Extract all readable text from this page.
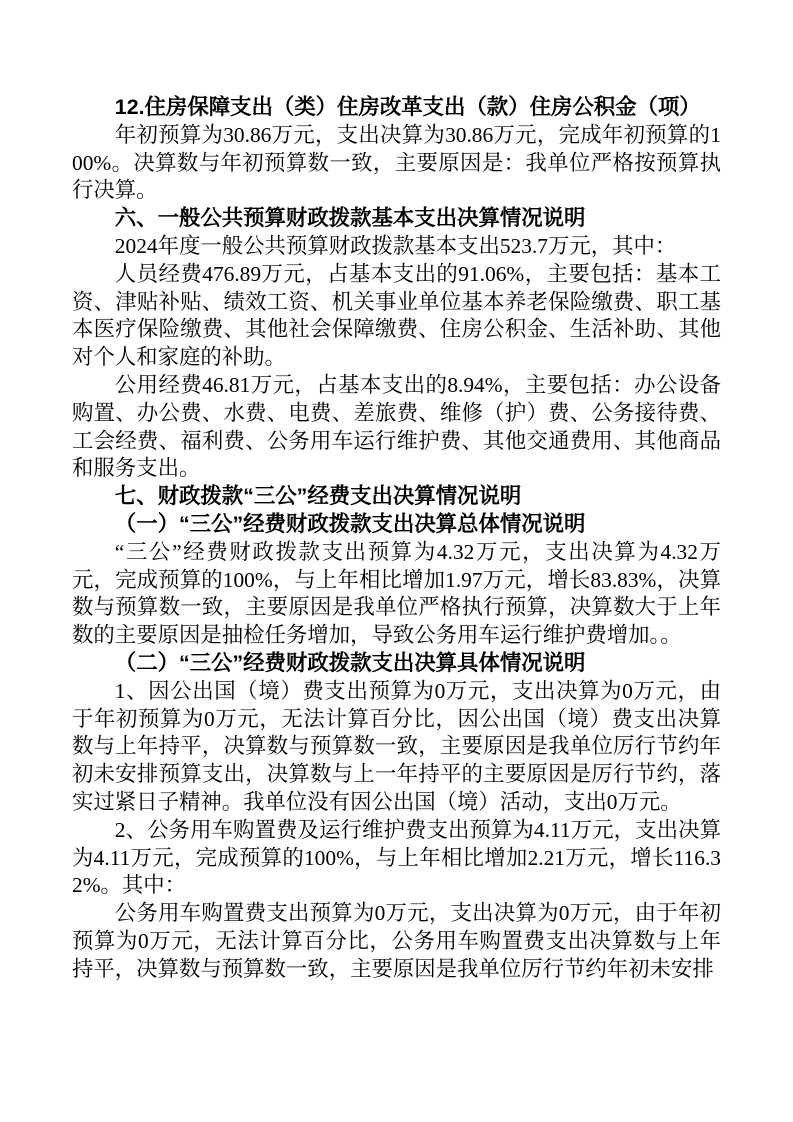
12.住房保障支出（类）住房改革支出（款）住房公积金（项）

年初预算为30.86万元，支出决算为30.86万元，完成年初预算的100%。决算数与年初预算数一致，主要原因是：我单位严格按预算执行决算。

六、一般公共预算财政拨款基本支出决算情况说明

2024年度一般公共预算财政拨款基本支出523.7万元，其中：

人员经费476.89万元，占基本支出的91.06%，主要包括：基本工资、津贴补贴、绩效工资、机关事业单位基本养老保险缴费、职工基本医疗保险缴费、其他社会保障缴费、住房公积金、生活补助、其他对个人和家庭的补助。

公用经费46.81万元，占基本支出的8.94%，主要包括：办公设备购置、办公费、水费、电费、差旅费、维修（护）费、公务接待费、工会经费、福利费、公务用车运行维护费、其他交通费用、其他商品和服务支出。

七、财政拨款“三公”经费支出决算情况说明

（一）“三公”经费财政拨款支出决算总体情况说明

“三公”经费财政拨款支出预算为4.32万元，支出决算为4.32万元，完成预算的100%，与上年相比增加1.97万元，增长83.83%，决算数与预算数一致，主要原因是我单位严格执行预算，决算数大于上年数的主要原因是抽检任务增加，导致公务用车运行维护费增加。。

（二）“三公”经费财政拨款支出决算具体情况说明

1、因公出国（境）费支出预算为0万元，支出决算为0万元，由于年初预算为0万元，无法计算百分比，因公出国（境）费支出决算数与上年持平，决算数与预算数一致，主要原因是我单位厉行节约年初未安排预算支出，决算数与上一年持平的主要原因是厉行节约，落实过紧日子精神。我单位没有因公出国（境）活动，支出0万元。

2、公务用车购置费及运行维护费支出预算为4.11万元，支出决算为4.11万元，完成预算的100%，与上年相比增加2.21万元，增长116.32%。其中：

公务用车购置费支出预算为0万元，支出决算为0万元，由于年初预算为0万元，无法计算百分比，公务用车购置费支出决算数与上年持平，决算数与预算数一致，主要原因是我单位厉行节约年初未安排
